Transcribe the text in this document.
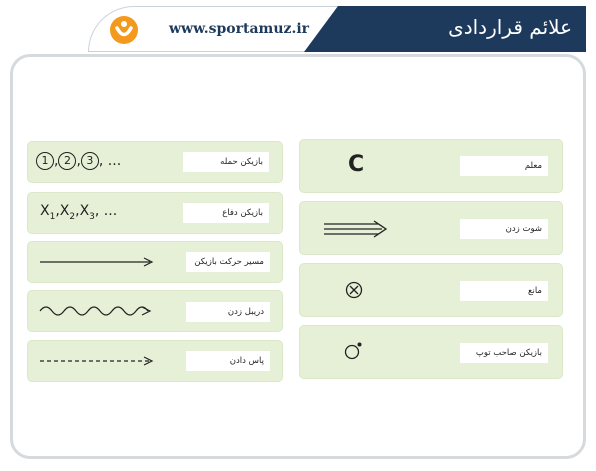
www.sportamuz.ir	علائم قراردادی
1 , 2 , 3 , ...	بازیکن حمله
$X_1,X_2,X_3$, ...	بازیکن دفاع
مسیر حرکت بازیکن
دریبل زدن
پاس دادن
C	معلم
شوت زدن
مانع
بازیکن صاحب توپ
